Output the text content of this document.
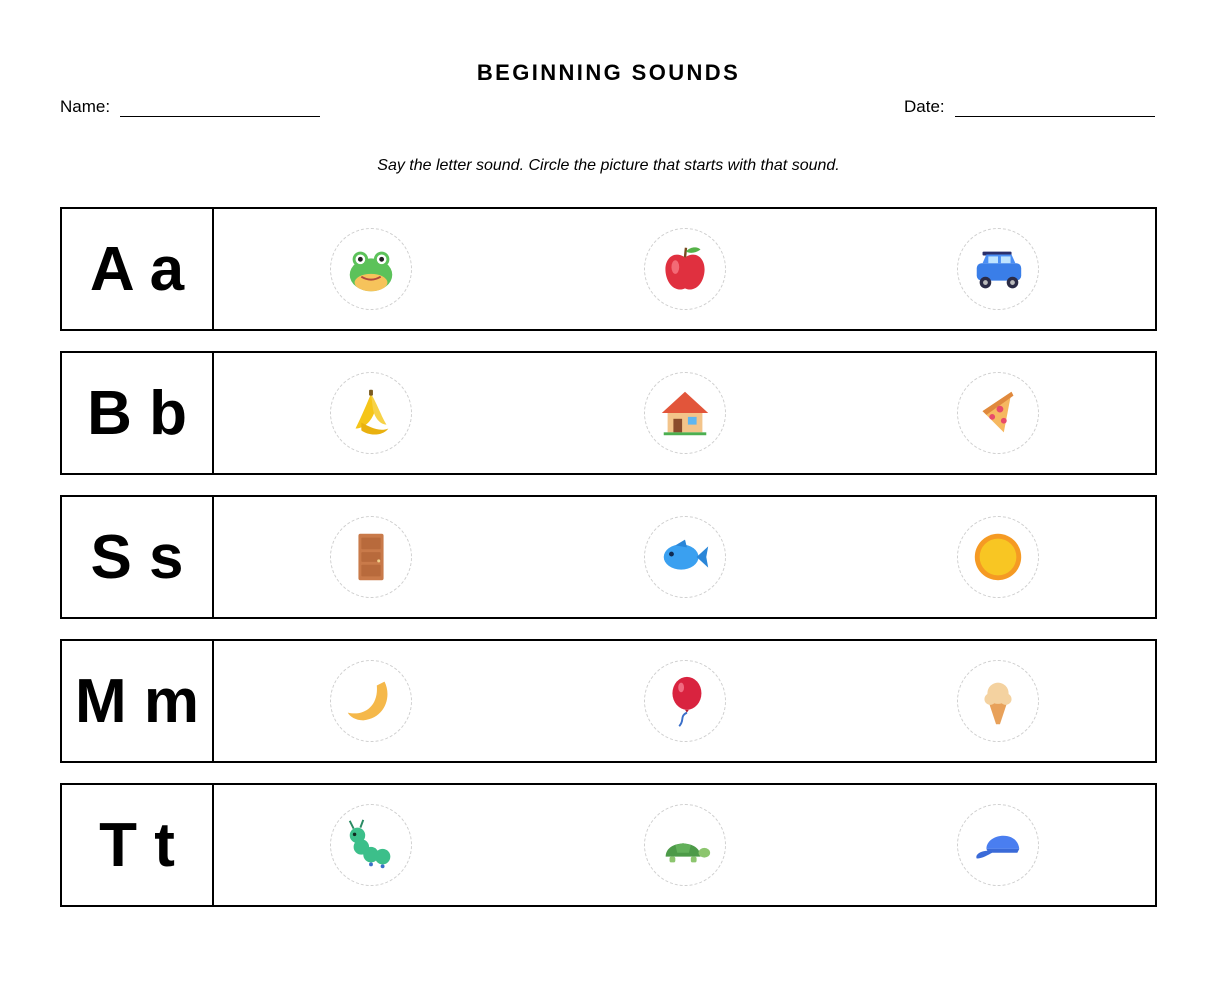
BEGINNING SOUNDS
Name:	Date:
Say the letter sound. Circle the picture that starts with that sound.
A a
B b
S s
M m
T t
